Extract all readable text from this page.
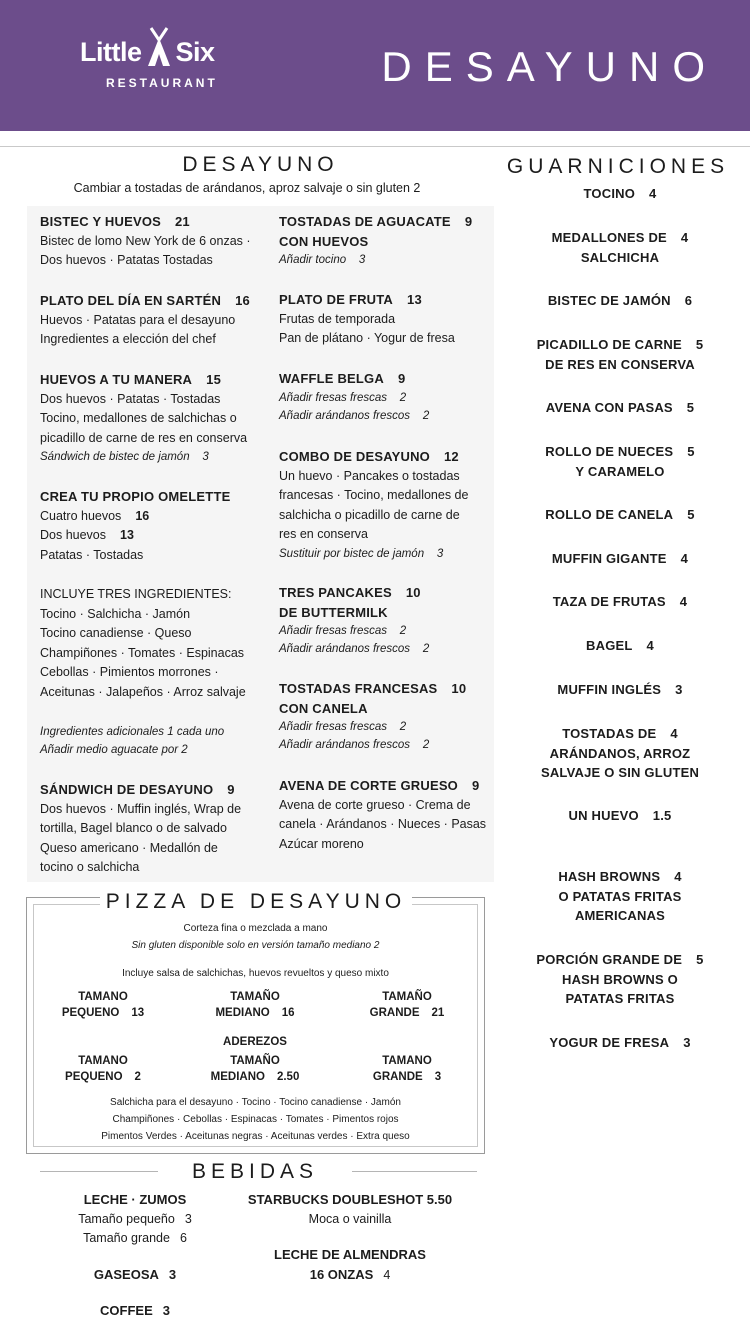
Little Six
RESTAURANT	DESAYUNO
DESAYUNO
Cambiar a tostadas de arándanos, aproz salvaje o sin gluten 2
BISTEC Y HUEVOS 21
Bistec de lomo New York de 6 onzas ·
Dos huevos · Patatas Tostadas
PLATO DEL DÍA EN SARTÉN 16
Huevos · Patatas para el desayuno
Ingredientes a elección del chef
HUEVOS A TU MANERA 15
Dos huevos · Patatas · Tostadas
Tocino, medallones de salchichas o
picadillo de carne de res en conserva
Sándwich de bistec de jamón    3
CREA TU PROPIO OMELETTE
Cuatro huevos 16
Dos huevos 13
Patatas · Tostadas
INCLUYE TRES INGREDIENTES:
Tocino · Salchicha · Jamón
Tocino canadiense · Queso
Champiñones · Tomates · Espinacas
Cebollas · Pimientos morrones ·
Aceitunas · Jalapeños · Arroz salvaje
Ingredientes adicionales 1 cada uno
Añadir medio aguacate por 2
SÁNDWICH DE DESAYUNO 9
Dos huevos · Muffin inglés, Wrap de
tortilla, Bagel blanco o de salvado
Queso americano · Medallón de
tocino o salchicha
TOSTADAS DE AGUACATE 9
CON HUEVOS
Añadir tocino    3
PLATO DE FRUTA 13
Frutas de temporada
Pan de plátano · Yogur de fresa
WAFFLE BELGA 9
Añadir fresas frescas    2
Añadir arándanos frescos    2
COMBO DE DESAYUNO 12
Un huevo · Pancakes o tostadas
francesas · Tocino, medallones de
salchicha o picadillo de carne de
res en conserva
Sustituir por bistec de jamón    3
TRES PANCAKES 10
DE BUTTERMILK
Añadir fresas frescas    2
Añadir arándanos frescos    2
TOSTADAS FRANCESAS 10
CON CANELA
Añadir fresas frescas    2
Añadir arándanos frescos    2
AVENA DE CORTE GRUESO 9
Avena de corte grueso · Crema de
canela · Arándanos · Nueces · Pasas
Azúcar moreno
GUARNICIONES
TOCINO 4
MEDALLONES DE 4
SALCHICHA
BISTEC DE JAMÓN 6
PICADILLO DE CARNE 5
DE RES EN CONSERVA
AVENA CON PASAS 5
ROLLO DE NUECES 5
Y CARAMELO
ROLLO DE CANELA 5
MUFFIN GIGANTE 4
TAZA DE FRUTAS 4
BAGEL 4
MUFFIN INGLÉS 3
TOSTADAS DE 4
ARÁNDANOS, ARROZ
SALVAJE O SIN GLUTEN
UN HUEVO 1.5
HASH BROWNS 4
O PATATAS FRITAS
AMERICANAS
PORCIÓN GRANDE DE 5
HASH BROWNS O
PATATAS FRITAS
YOGUR DE FRESA 3
PIZZA DE DESAYUNO
Corteza fina o mezclada a mano
Sin gluten disponible solo en versión tamaño mediano 2
Incluye salsa de salchichas, huevos revueltos y queso mixto
TAMANO
PEQUENO 13
TAMAÑO
MEDIANO 16
TAMAÑO
GRANDE 21
ADEREZOS
TAMANO
PEQUENO 2
TAMAÑO
MEDIANO 2.50
TAMANO
GRANDE 3
Salchicha para el desayuno · Tocino · Tocino canadiense · Jamón
Champiñones · Cebollas · Espinacas · Tomates · Pimentos rojos
Pimentos Verdes · Aceitunas negras · Aceitunas verdes · Extra queso
BEBIDAS
LECHE · ZUMOS
Tamaño pequeño 3
Tamaño grande 6
GASEOSA 3
COFFEE 3
STARBUCKS DOUBLESHOT 5.50
Moca o vainilla
LECHE DE ALMENDRAS
16 ONZAS 4
